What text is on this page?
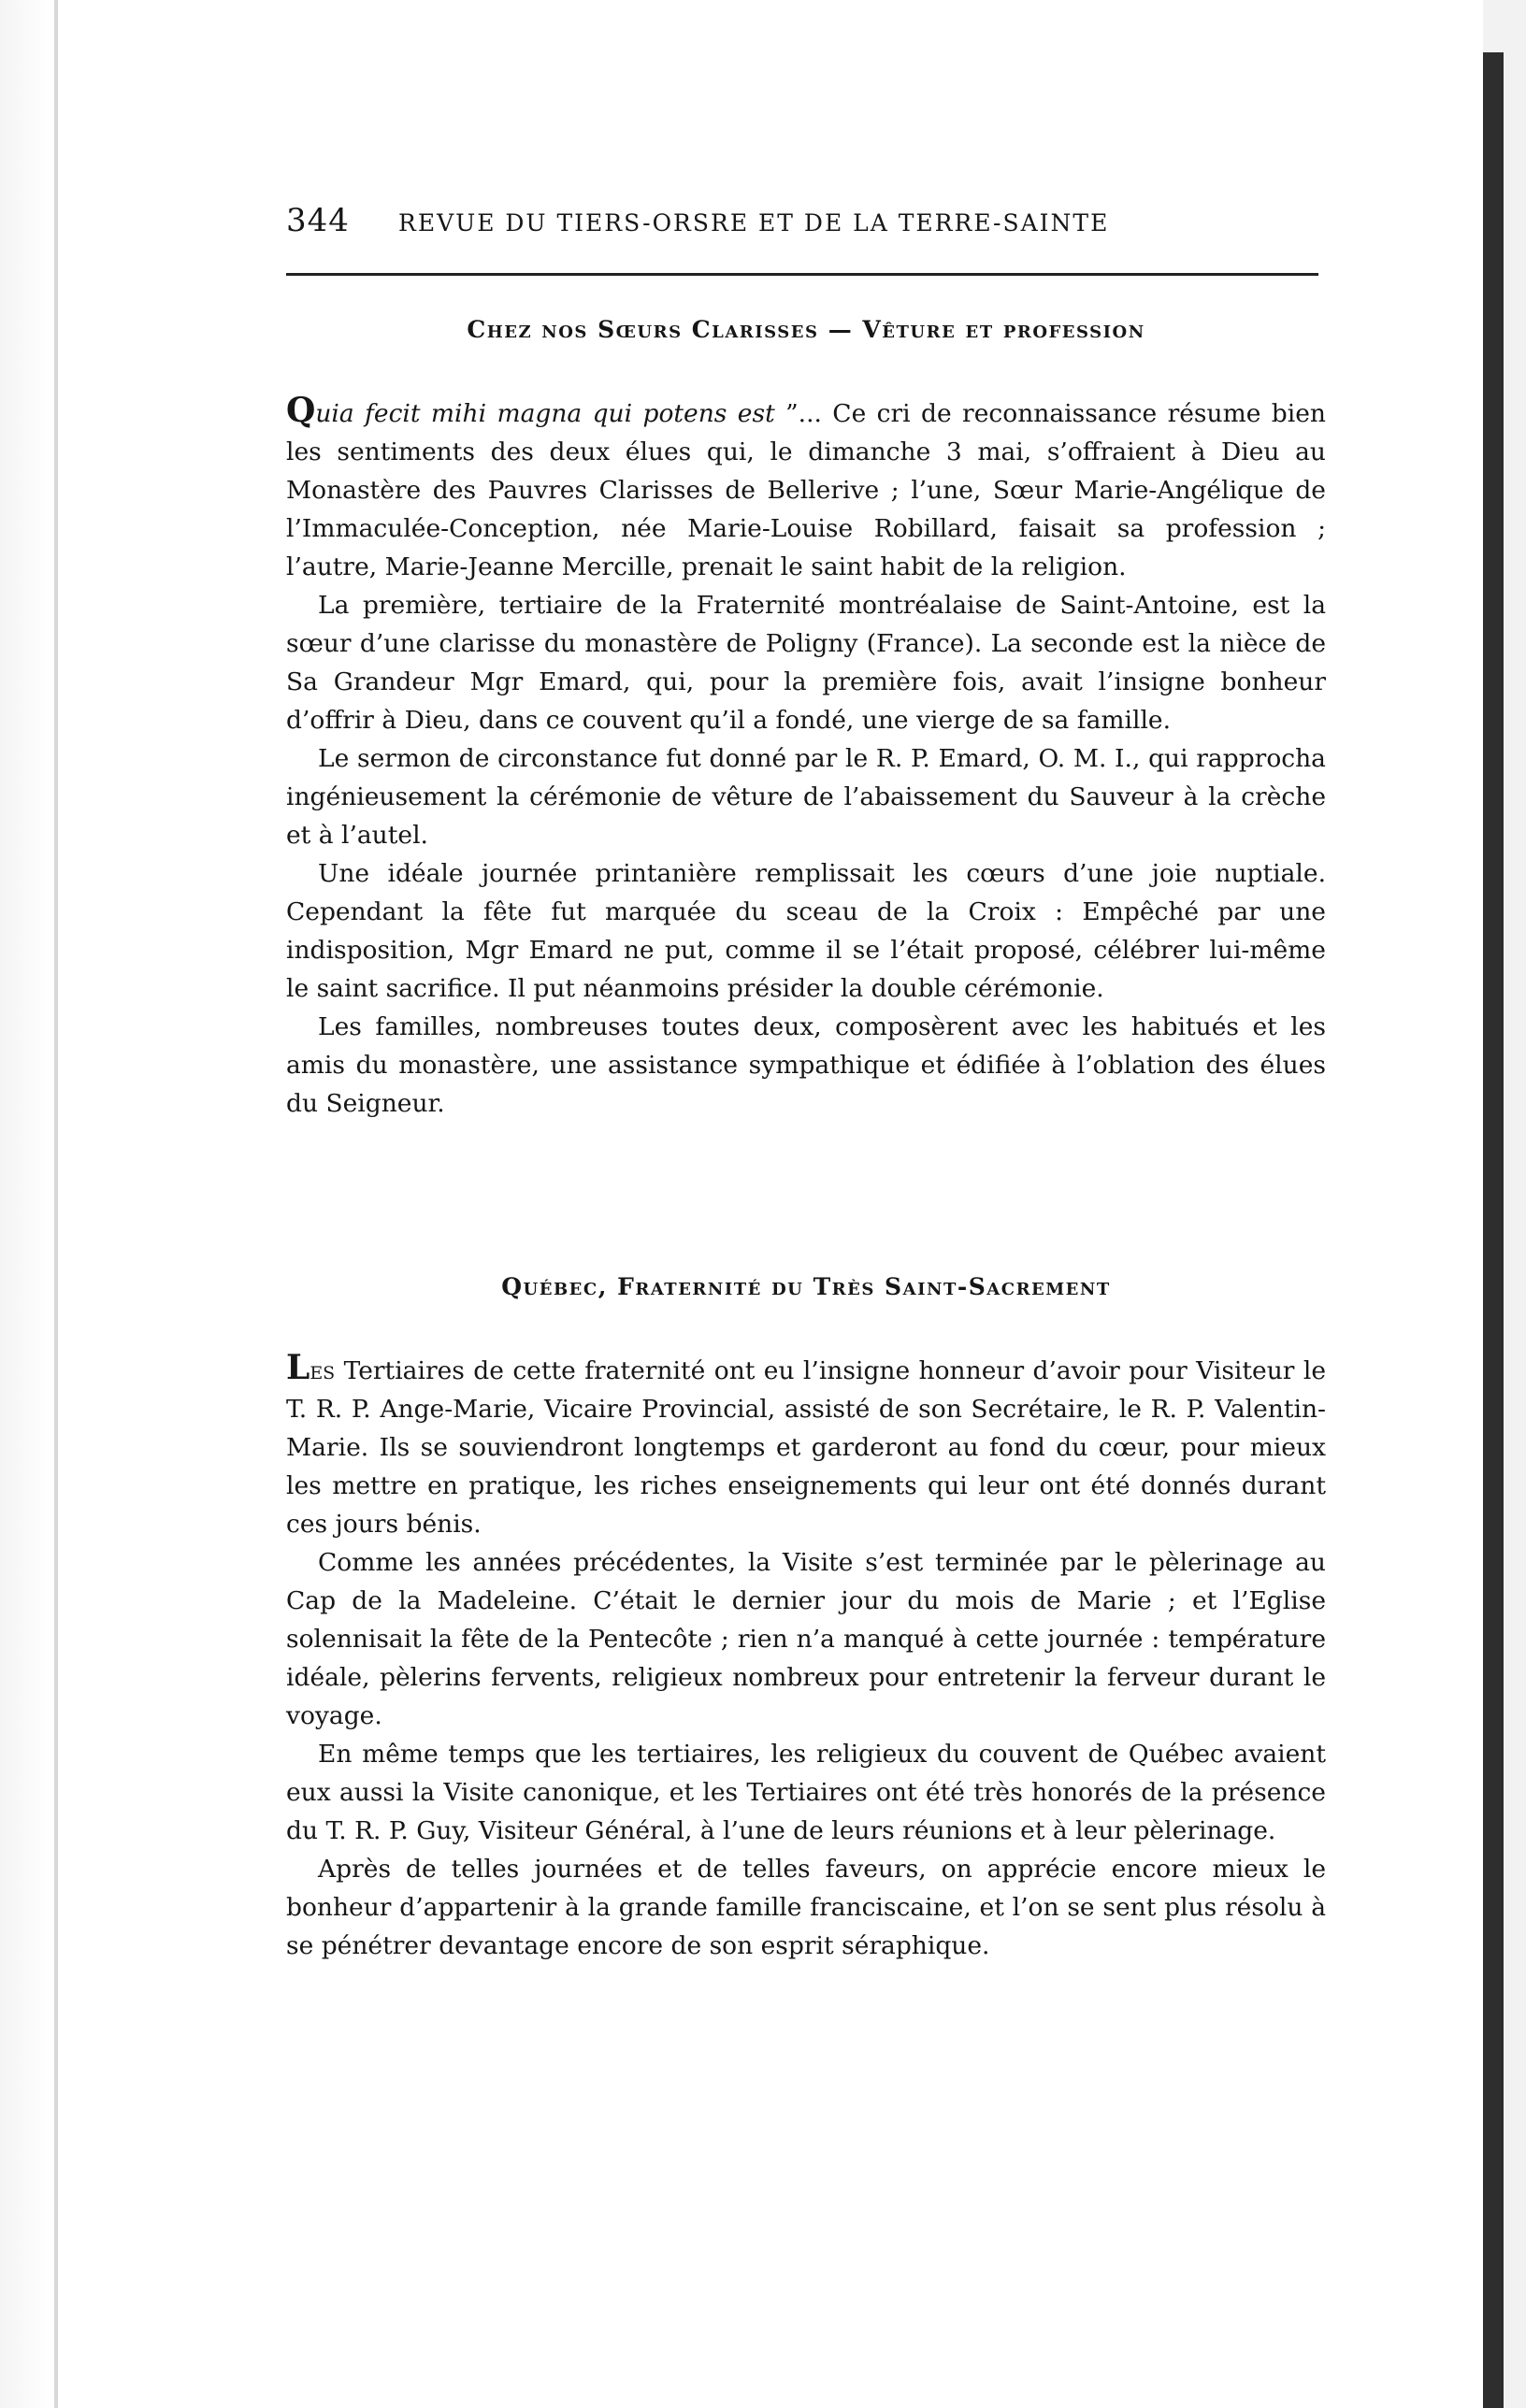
344 REVUE DU TIERS-ORSRE ET DE LA TERRE-SAINTE
Chez nos Sœurs Clarisses — Vêture et profession

Quia fecit mihi magna qui potens est ”... Ce cri de reconnaissance résume bien les sentiments des deux élues qui, le dimanche 3 mai, s’offraient à Dieu au Monastère des Pauvres Clarisses de Bellerive ; l’une, Sœur Marie-Angélique de l’Immaculée-Conception, née Marie-Louise Robillard, faisait sa profession ; l’autre, Marie-Jeanne Mercille, prenait le saint habit de la religion.

La première, tertiaire de la Fraternité montréalaise de Saint-Antoine, est la sœur d’une clarisse du monastère de Poligny (France). La seconde est la nièce de Sa Grandeur Mgr Emard, qui, pour la première fois, avait l’insigne bonheur d’offrir à Dieu, dans ce couvent qu’il a fondé, une vierge de sa famille.

Le sermon de circonstance fut donné par le R. P. Emard, O. M. I., qui rapprocha ingénieusement la cérémonie de vêture de l’abaissement du Sauveur à la crèche et à l’autel.

Une idéale journée printanière remplissait les cœurs d’une joie nuptiale. Cependant la fête fut marquée du sceau de la Croix : Empêché par une indisposition, Mgr Emard ne put, comme il se l’était proposé, célébrer lui-même le saint sacrifice. Il put néanmoins présider la double cérémonie.

Les familles, nombreuses toutes deux, composèrent avec les habitués et les amis du monastère, une assistance sympathique et édifiée à l’oblation des élues du Seigneur.

Québec, Fraternité du Très Saint-Sacrement

Les Tertiaires de cette fraternité ont eu l’insigne honneur d’avoir pour Visiteur le T. R. P. Ange-Marie, Vicaire Provincial, assisté de son Secrétaire, le R. P. Valentin-Marie. Ils se souviendront longtemps et garderont au fond du cœur, pour mieux les mettre en pratique, les riches enseignements qui leur ont été donnés durant ces jours bénis.

Comme les années précédentes, la Visite s’est terminée par le pèlerinage au Cap de la Madeleine. C’était le dernier jour du mois de Marie ; et l’Eglise solennisait la fête de la Pentecôte ; rien n’a manqué à cette journée : température idéale, pèlerins fervents, religieux nombreux pour entretenir la ferveur durant le voyage.

En même temps que les tertiaires, les religieux du couvent de Québec avaient eux aussi la Visite canonique, et les Tertiaires ont été très honorés de la présence du T. R. P. Guy, Visiteur Général, à l’une de leurs réunions et à leur pèlerinage.

Après de telles journées et de telles faveurs, on apprécie encore mieux le bonheur d’appartenir à la grande famille franciscaine, et l’on se sent plus résolu à se pénétrer devantage encore de son esprit séraphique.
